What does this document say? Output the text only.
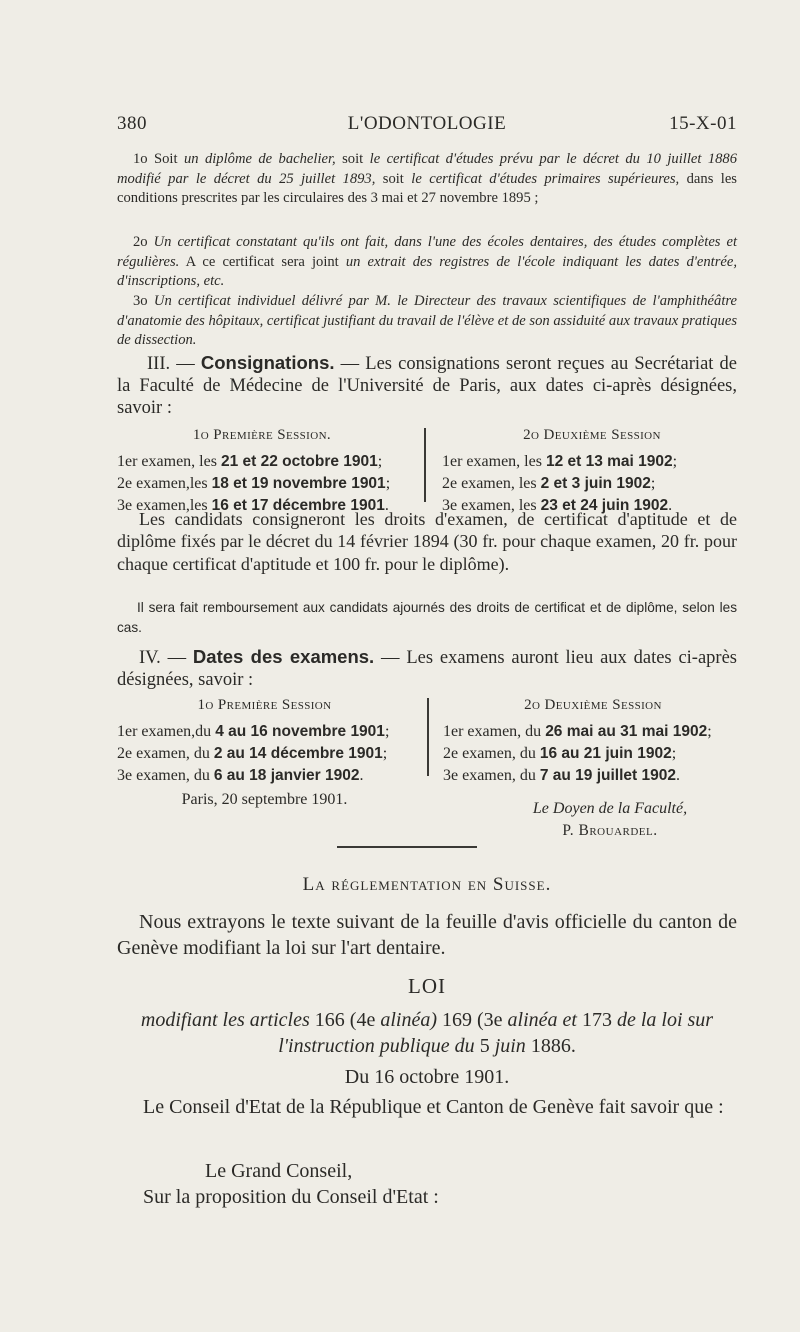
380	L'ODONTOLOGIE	15-X-01

1o Soit un diplôme de bachelier, soit le certificat d'études prévu par le décret du 10 juillet 1886 modifié par le décret du 25 juillet 1893, soit le certificat d'études primaires supérieures, dans les conditions prescrites par les circulaires des 3 mai et 27 novembre 1895 ;

2o Un certificat constatant qu'ils ont fait, dans l'une des écoles dentaires, des études complètes et régulières. A ce certificat sera joint un extrait des registres de l'école indiquant les dates d'entrée, d'inscriptions, etc.

3o Un certificat individuel délivré par M. le Directeur des travaux scientifiques de l'amphithéâtre d'anatomie des hôpitaux, certificat justifiant du travail de l'élève et de son assiduité aux travaux pratiques de dissection.

III. — Consignations. — Les consignations seront reçues au Secrétariat de la Faculté de Médecine de l'Université de Paris, aux dates ci-après désignées, savoir :

1o Première Session.
1er examen, les 21 et 22 octobre 1901;
2e examen,les 18 et 19 novembre 1901;
3e examen,les 16 et 17 décembre 1901.
2o Deuxième Session
1er examen, les 12 et 13 mai 1902;
2e examen, les 2 et 3 juin 1902;
3e examen, les 23 et 24 juin 1902.

Les candidats consigneront les droits d'examen, de certificat d'aptitude et de diplôme fixés par le décret du 14 février 1894 (30 fr. pour chaque examen, 20 fr. pour chaque certificat d'aptitude et 100 fr. pour le diplôme).

Il sera fait remboursement aux candidats ajournés des droits de certificat et de diplôme, selon les cas.

IV. — Dates des examens. — Les examens auront lieu aux dates ci-après désignées, savoir :

1o Première Session
1er examen,du 4 au 16 novembre 1901;
2e examen, du 2 au 14 décembre 1901;
3e examen, du 6 au 18 janvier 1902.
Paris, 20 septembre 1901.
2o Deuxième Session
1er examen, du 26 mai au 31 mai 1902;
2e examen, du 16 au 21 juin 1902;
3e examen, du 7 au 19 juillet 1902.
Le Doyen de la Faculté,
P. Brouardel.
La réglementation en Suisse.

Nous extrayons le texte suivant de la feuille d'avis officielle du canton de Genève modifiant la loi sur l'art dentaire.

LOI

modifiant les articles 166 (4e alinéa) 169 (3e alinéa et 173 de la loi sur l'instruction publique du 5 juin 1886.

Du 16 octobre 1901.

Le Conseil d'Etat de la République et Canton de Genève fait savoir que :

Le Grand Conseil,
Sur la proposition du Conseil d'Etat :
